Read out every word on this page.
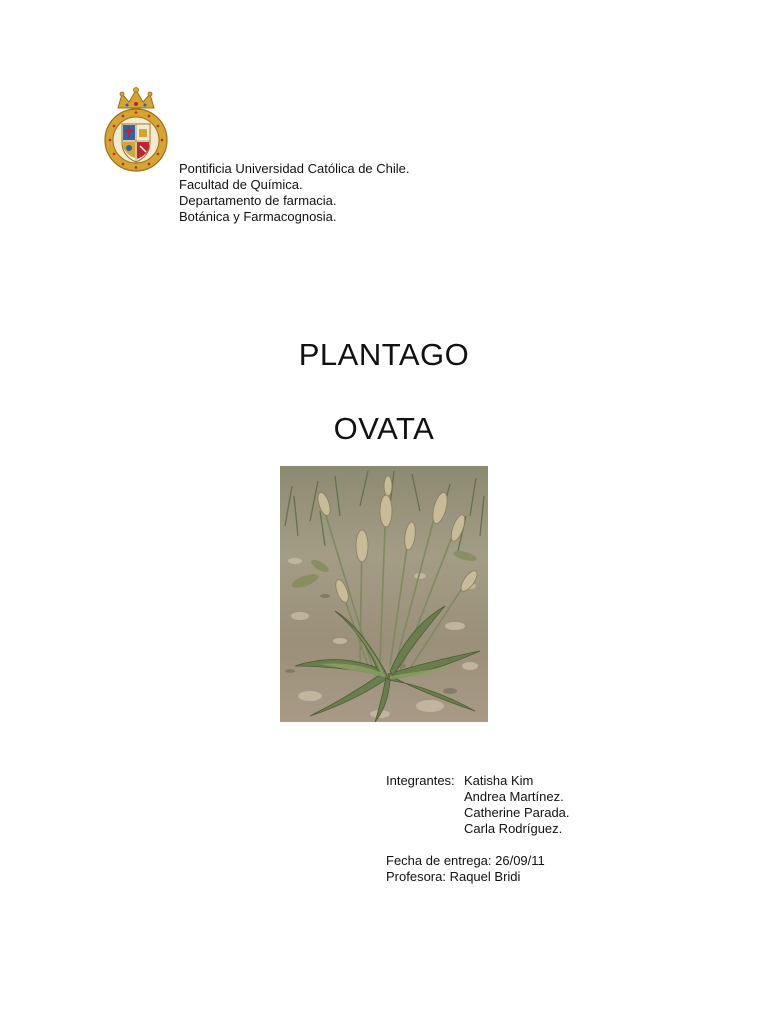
Pontificia Universidad Católica de Chile.
Facultad de Química.
Departamento de farmacia.
Botánica y Farmacognosia.
PLANTAGO
OVATA
Integrantes: Katisha Kim
Andrea Martínez.
Catherine Parada.
Carla Rodríguez.
Fecha de entrega: 26/09/11
Profesora: Raquel Bridi
